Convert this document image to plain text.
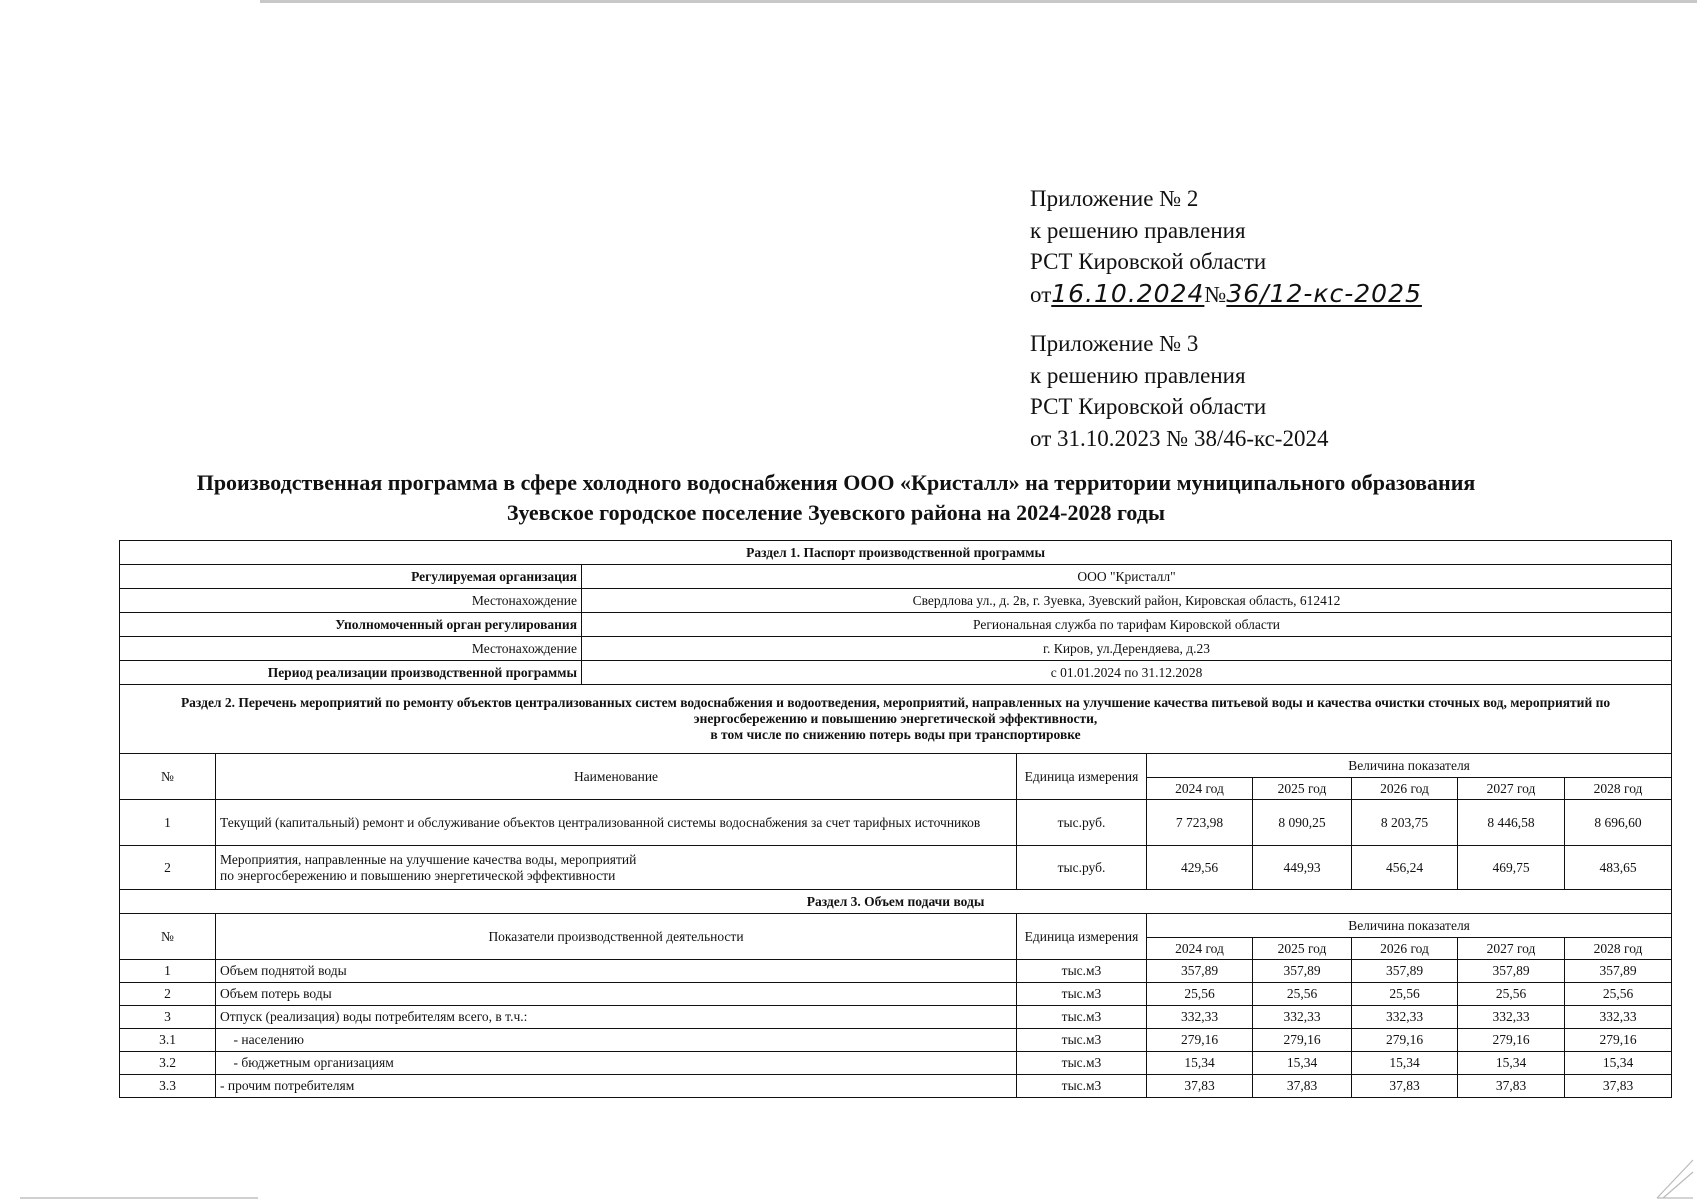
Приложение № 2
к решению правления
РСТ Кировской области
от16.10.2024№36/12-кс-2025
Приложение № 3
к решению правления
РСТ Кировской области
от 31.10.2023 № 38/46-кс-2024
Производственная программа в сфере холодного водоснабжения ООО «Кристалл» на территории муниципального образования
Зуевское городское поселение Зуевского района на 2024-2028 годы
Раздел 1. Паспорт производственной программы								
Регулируемая организация		ООО "Кристалл"						
Местонахождение		Свердлова ул., д. 2в, г. Зуевка, Зуевский район, Кировская область, 612412						
Уполномоченный орган регулирования		Региональная служба по тарифам Кировской области						
Местонахождение		г. Киров, ул.Дерендяева, д.23						
Период реализации производственной программы		с 01.01.2024 по 31.12.2028						
Раздел 2. Перечень мероприятий по ремонту объектов централизованных систем водоснабжения и водоотведения, мероприятий, направленных на улучшение качества питьевой воды и качества очистки сточных вод, мероприятий по энергосбережению и повышению энергетической эффективности,
в том числе по снижению потерь воды при транспортировке								
№	Наименование		Единица измерения	Величина показателя				
				2024 год	2025 год	2026 год	2027 год	2028 год
1	Текущий (капитальный) ремонт и обслуживание объектов централизованной системы водоснабжения за счет тарифных источников		тыс.руб.	7 723,98	8 090,25	8 203,75	8 446,58	8 696,60
2	Мероприятия, направленные на улучшение качества воды, мероприятий
по энергосбережению и повышению энергетической эффективности		тыс.руб.	429,56	449,93	456,24	469,75	483,65
Раздел 3. Объем подачи воды								
№	Показатели производственной деятельности		Единица измерения	Величина показателя				
				2024 год	2025 год	2026 год	2027 год	2028 год
1	Объем поднятой воды		тыс.м3	357,89	357,89	357,89	357,89	357,89
2	Объем потерь воды		тыс.м3	25,56	25,56	25,56	25,56	25,56
3	Отпуск (реализация) воды потребителям всего, в т.ч.:		тыс.м3	332,33	332,33	332,33	332,33	332,33
3.1	- населению		тыс.м3	279,16	279,16	279,16	279,16	279,16
3.2	- бюджетным организациям		тыс.м3	15,34	15,34	15,34	15,34	15,34
3.3	- прочим потребителям		тыс.м3	37,83	37,83	37,83	37,83	37,83
